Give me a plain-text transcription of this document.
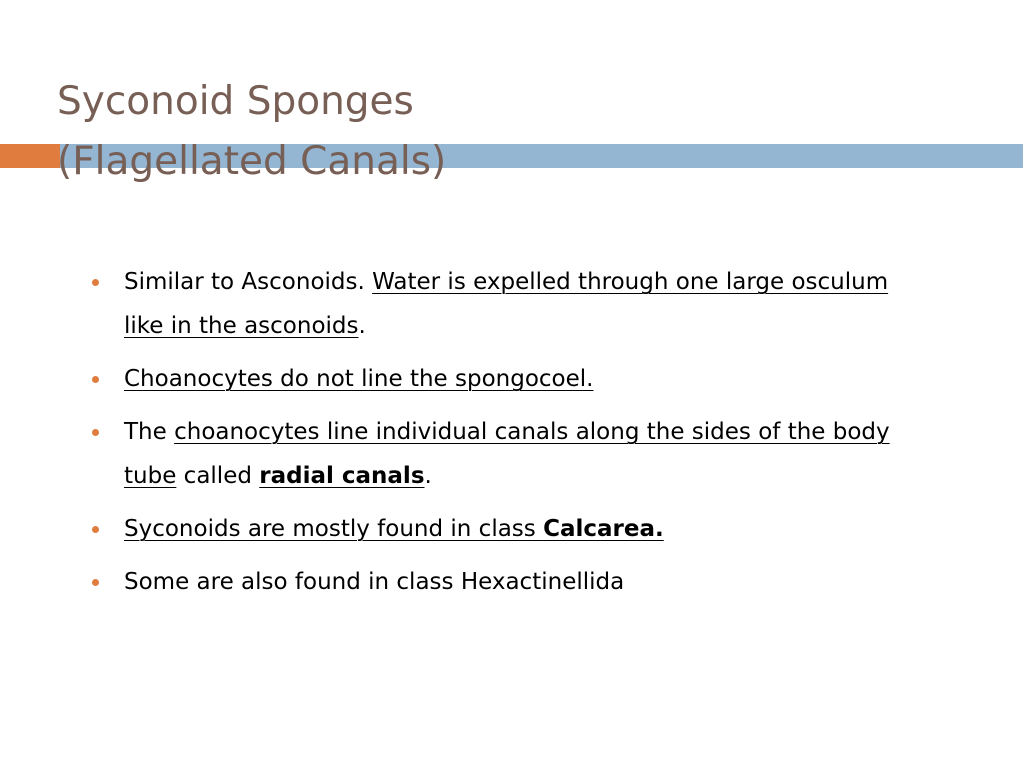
Syconoid Sponges
(Flagellated Canals)
Similar to Asconoids. Water is expelled through one large osculum like in the asconoids.
Choanocytes do not line the spongocoel.
The choanocytes line individual canals along the sides of the body tube called radial canals.
Syconoids are mostly found in class Calcarea.
Some are also found in class Hexactinellida
